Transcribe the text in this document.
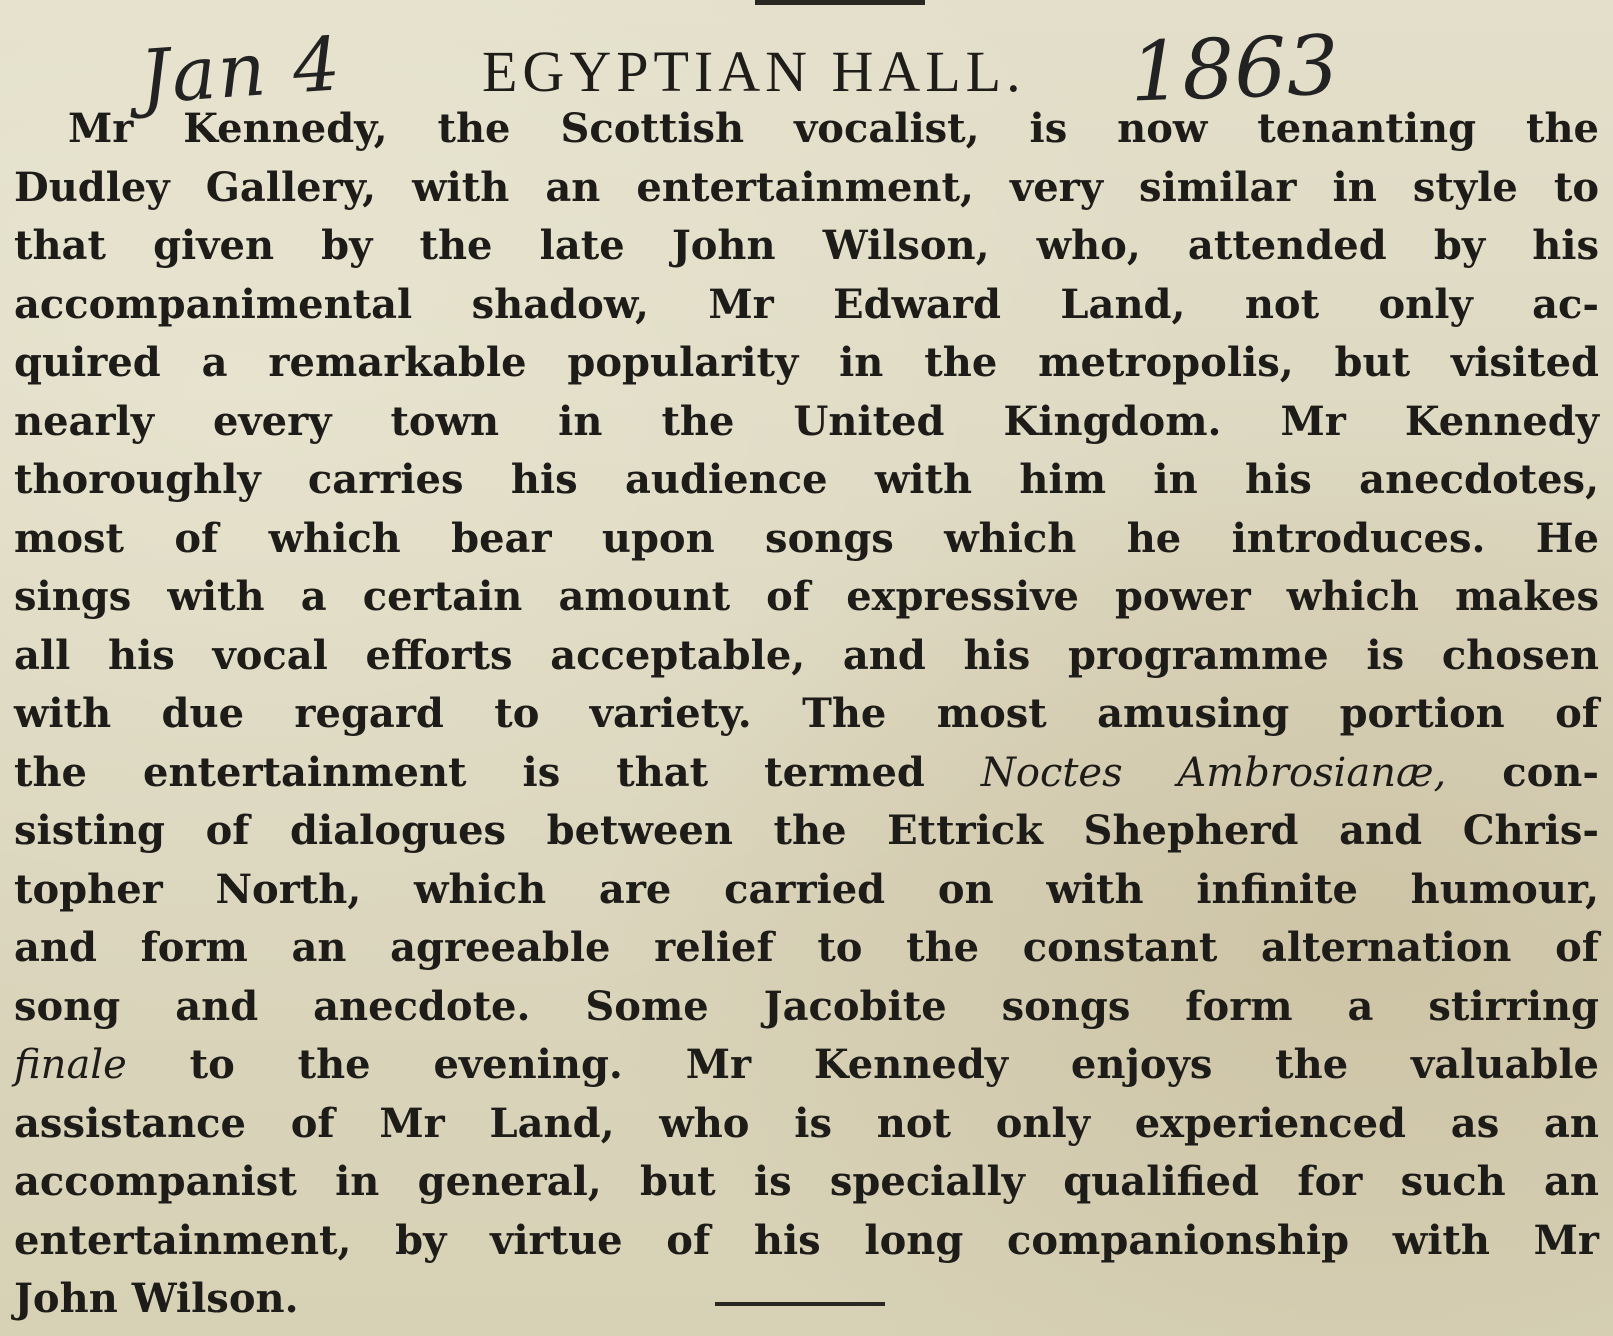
Jan 4 EGYPTIAN HALL. 1863
Mr Kennedy, the Scottish vocalist, is now tenanting the
Dudley Gallery, with an entertainment, very similar in style to
that given by the late John Wilson, who, attended by his
accompanimental shadow, Mr Edward Land, not only ac-
quired a remarkable popularity in the metropolis, but visited
nearly every town in the United Kingdom. Mr Kennedy
thoroughly carries his audience with him in his anecdotes,
most of which bear upon songs which he introduces. He
sings with a certain amount of expressive power which makes
all his vocal efforts acceptable, and his programme is chosen
with due regard to variety. The most amusing portion of
the entertainment is that termed Noctes Ambrosianæ, con-
sisting of dialogues between the Ettrick Shepherd and Chris-
topher North, which are carried on with infinite humour,
and form an agreeable relief to the constant alternation of
song and anecdote. Some Jacobite songs form a stirring
finale to the evening. Mr Kennedy enjoys the valuable
assistance of Mr Land, who is not only experienced as an
accompanist in general, but is specially qualified for such an
entertainment, by virtue of his long companionship with Mr
John Wilson.
